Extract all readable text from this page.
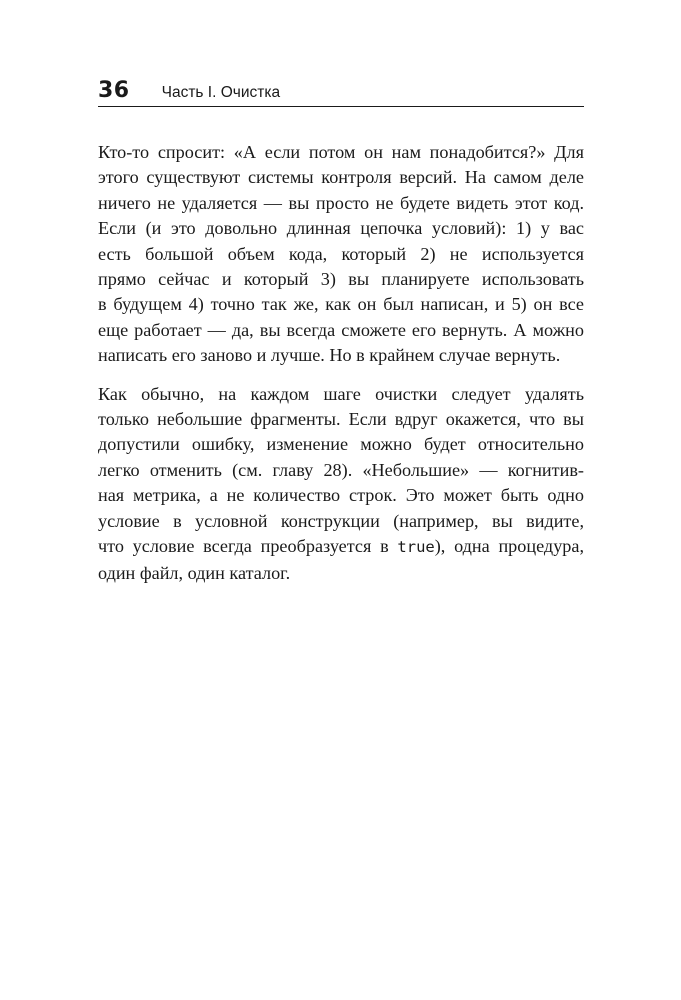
36 Часть I. Очистка

Кто-то спросит: «А если потом он нам понадобится?» Для
этого существуют системы контроля версий. На самом деле
ничего не удаляется — вы просто не будете видеть этот код.
Если (и это довольно длинная цепочка условий): 1) у вас
есть большой объем кода, который 2) не используется
прямо сейчас и который 3) вы планируете использовать
в будущем 4) точно так же, как он был написан, и 5) он все
еще работает — да, вы всегда сможете его вернуть. А можно
написать его заново и лучше. Но в крайнем случае вернуть.

Как обычно, на каждом шаге очистки следует удалять
только небольшие фрагменты. Если вдруг окажется, что вы
допустили ошибку, изменение можно будет относительно
легко отменить (см. главу 28). «Небольшие» — когнитив-
ная метрика, а не количество строк. Это может быть одно
условие в условной конструкции (например, вы видите,
что условие всегда преобразуется в true), одна процедура,
один файл, один каталог.
